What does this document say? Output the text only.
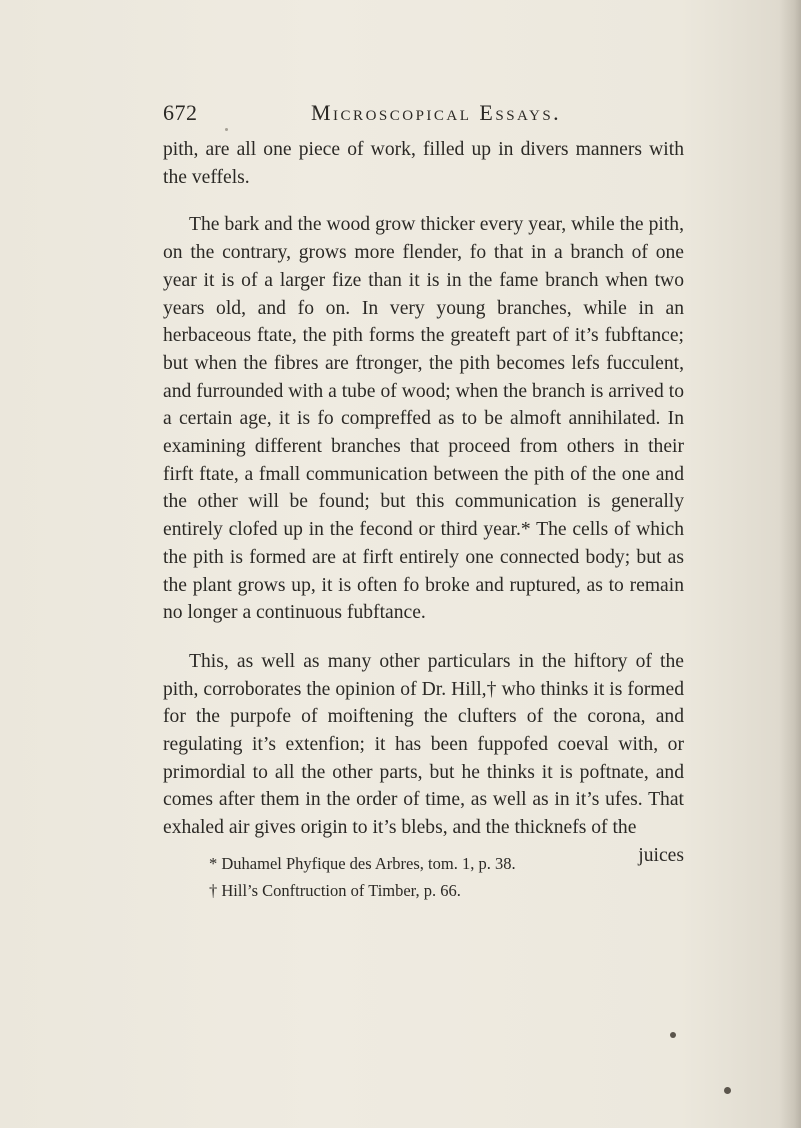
672	Microscopical Essays.

pith, are all one piece of work, filled up in divers manners with the veffels.

The bark and the wood grow thicker every year, while the pith, on the contrary, grows more flender, fo that in a branch of one year it is of a larger fize than it is in the fame branch when two years old, and fo on. In very young branches, while in an herbaceous ftate, the pith forms the greateft part of it’s fubftance; but when the fibres are ftronger, the pith becomes lefs fucculent, and furrounded with a tube of wood; when the branch is arrived to a certain age, it is fo compreffed as to be almoft annihilated. In examining different branches that proceed from others in their firft ftate, a fmall communication between the pith of the one and the other will be found; but this communication is generally entirely clofed up in the fecond or third year.* The cells of which the pith is formed are at firft entirely one connected body; but as the plant grows up, it is often fo broke and ruptured, as to remain no longer a continuous fubftance.

This, as well as many other particulars in the hiftory of the pith, corroborates the opinion of Dr. Hill,† who thinks it is formed for the purpofe of moiftening the clufters of the corona, and regulating it’s extenfion; it has been fuppofed coeval with, or primordial to all the other parts, but he thinks it is poftnate, and comes after them in the order of time, as well as in it’s ufes. That exhaled air gives origin to it’s blebs, and the thicknefs of the

juices

* Duhamel Phyfique des Arbres, tom. 1, p. 38.

† Hill’s Conftruction of Timber, p. 66.
